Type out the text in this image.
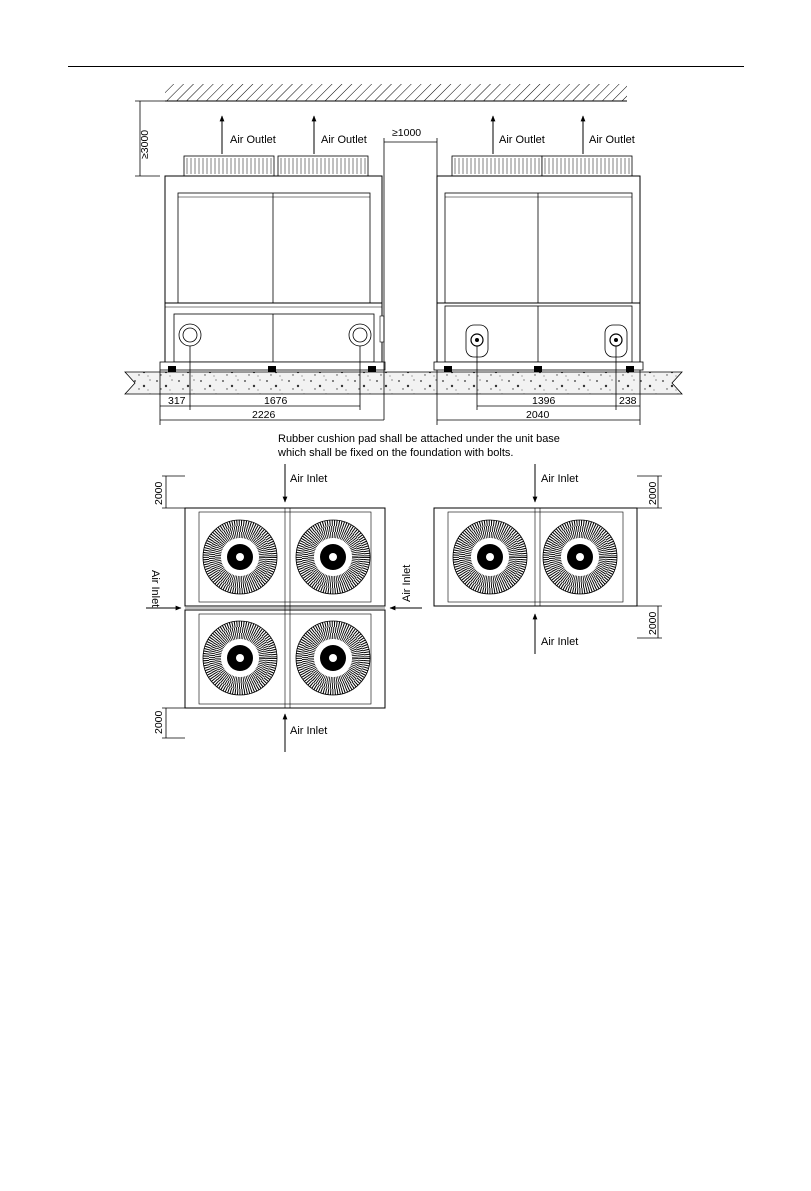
≥3000	Air Outlet	Air Outlet	Air Outlet	Air Outlet
≥1000
317	1676
2226
1396	238
2040
Rubber cushion pad shall be attached under the unit base
which shall be fixed on the foundation with bolts.
Air Inlet
Air Inlet
Air Inlet	Air Inlet
Air Inlet
Air Inlet
2000
2000
2000
2000
